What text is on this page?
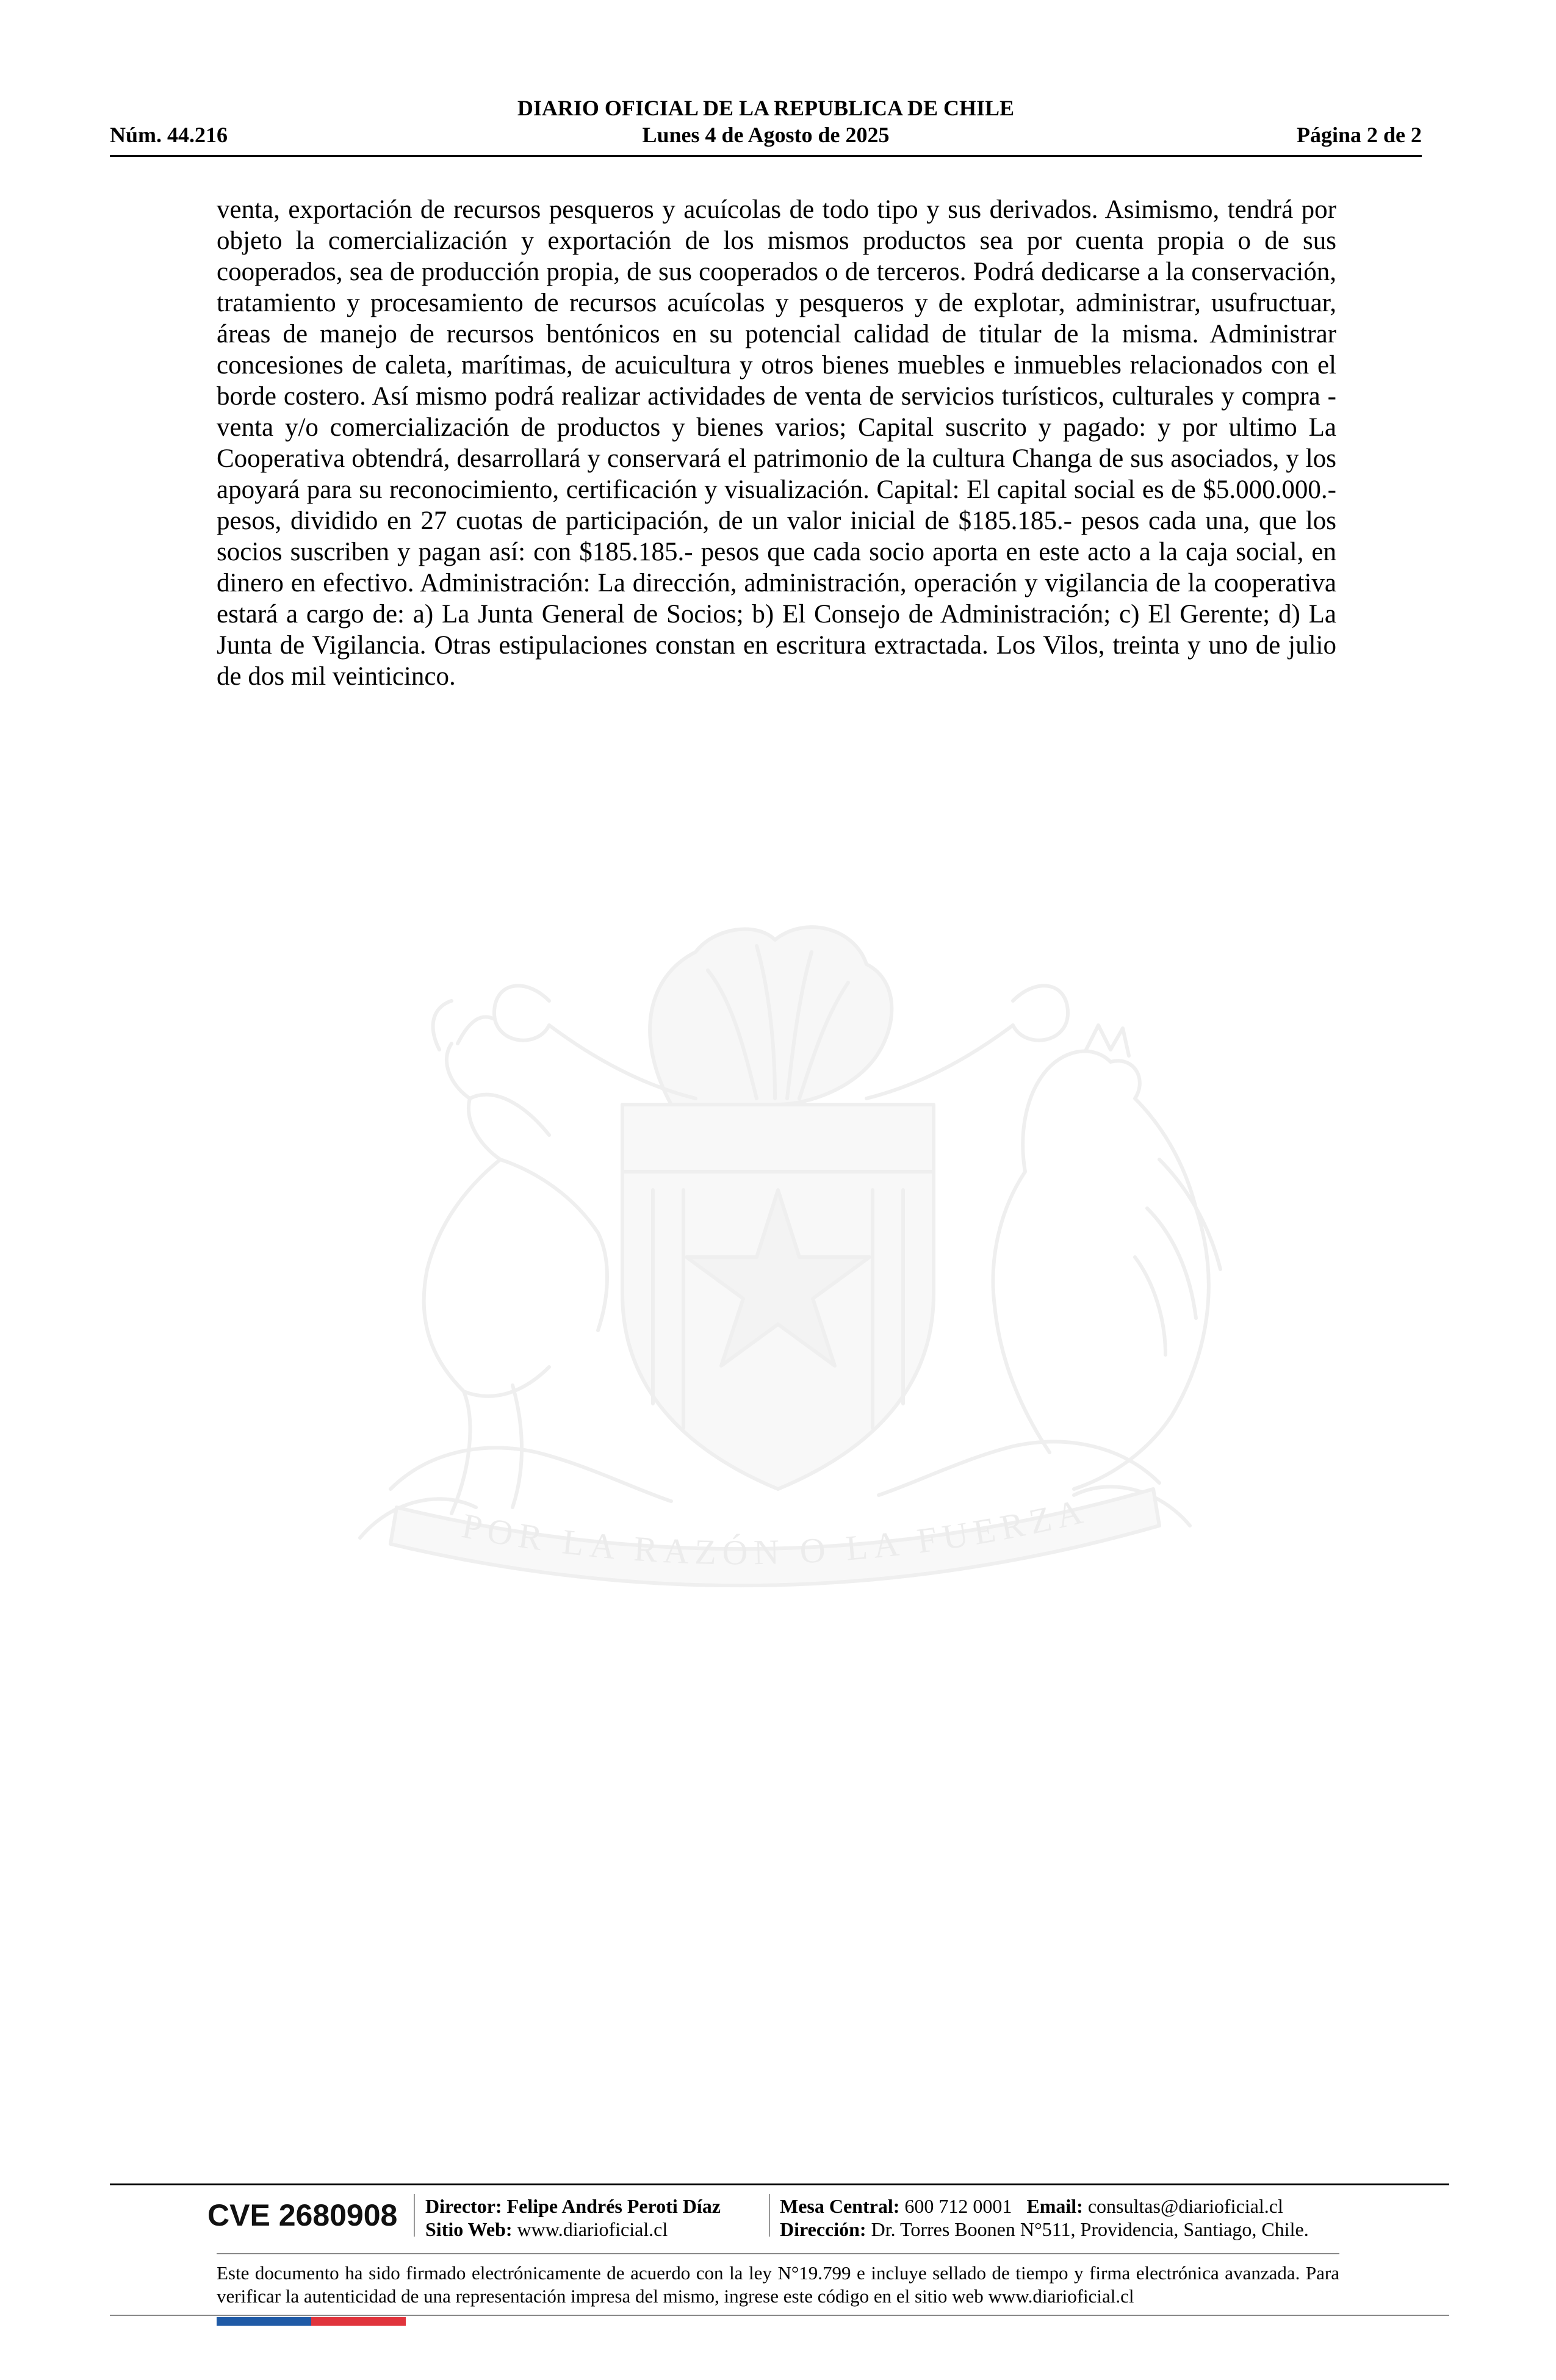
DIARIO OFICIAL DE LA REPUBLICA DE CHILE
Núm. 44.216	Lunes 4 de Agosto de 2025	Página 2 de 2

venta, exportación de recursos pesqueros y acuícolas de todo tipo y sus derivados. Asimismo, tendrá por objeto la comercialización y exportación de los mismos productos sea por cuenta propia o de sus cooperados, sea de producción propia, de sus cooperados o de terceros. Podrá dedicarse a la conservación, tratamiento y procesamiento de recursos acuícolas y pesqueros y de explotar, administrar, usufructuar, áreas de manejo de recursos bentónicos en su potencial calidad de titular de la misma. Administrar concesiones de caleta, marítimas, de acuicultura y otros bienes muebles e inmuebles relacionados con el borde costero. Así mismo podrá realizar actividades de venta de servicios turísticos, culturales y compra -venta y/o comercialización de productos y bienes varios; Capital suscrito y pagado: y por ultimo La Cooperativa obtendrá, desarrollará y conservará el patrimonio de la cultura Changa de sus asociados, y los apoyará para su reconocimiento, certificación y visualización. Capital: El capital social es de $5.000.000.- pesos, dividido en 27 cuotas de participación, de un valor inicial de $185.185.- pesos cada una, que los socios suscriben y pagan así: con $185.185.- pesos que cada socio aporta en este acto a la caja social, en dinero en efectivo. Administración: La dirección, administración, operación y vigilancia de la cooperativa estará a cargo de: a) La Junta General de Socios; b) El Consejo de Administración; c) El Gerente; d) La Junta de Vigilancia. Otras estipulaciones constan en escritura extractada. Los Vilos, treinta y uno de julio de dos mil veinticinco.

POR LA RAZÓN O LA FUERZA
CVE 2680908	Director: Felipe Andrés Peroti Díaz
Sitio Web: www.diarioficial.cl
Mesa Central: 600 712 0001 Email: consultas@diarioficial.cl
Dirección: Dr. Torres Boonen N°511, Providencia, Santiago, Chile.

Este documento ha sido firmado electrónicamente de acuerdo con la ley N°19.799 e incluye sellado de tiempo y firma electrónica avanzada. Para verificar la autenticidad de una representación impresa del mismo, ingrese este código en el sitio web www.diarioficial.cl
